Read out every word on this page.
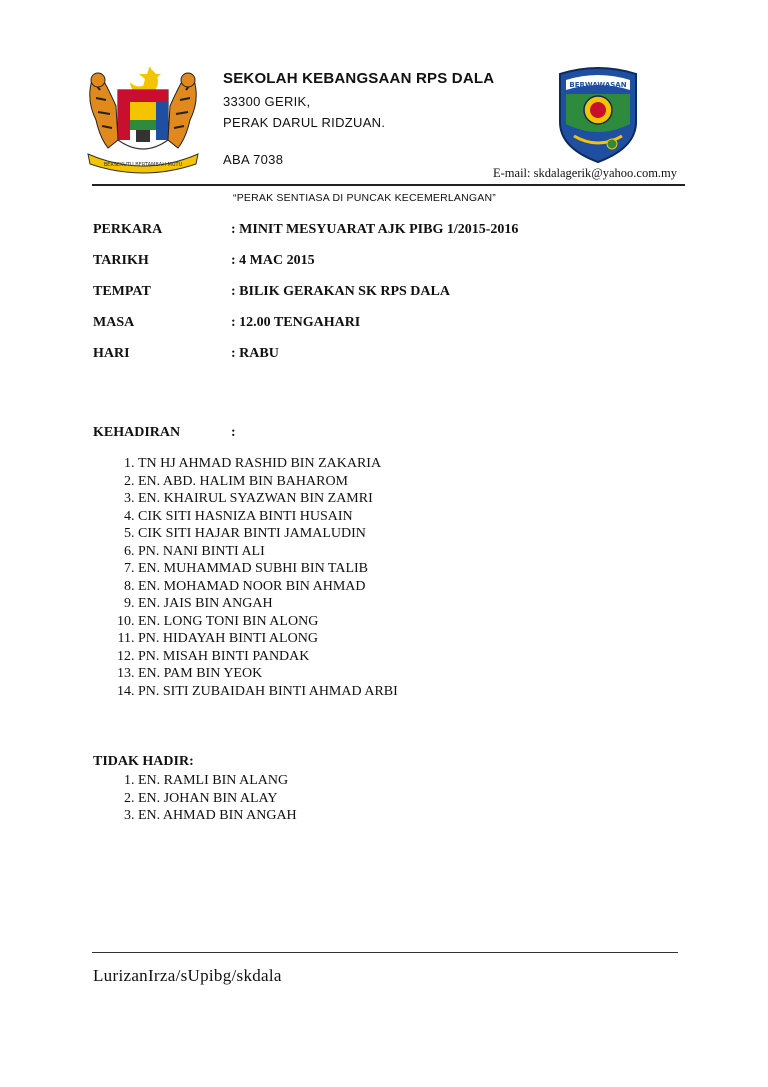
BERSEKUTU BERTAMBAH MUTU

SEKOLAH KEBANGSAAN RPS DALA

33300 GERIK,

PERAK DARUL RIDZUAN.

ABA 7038

BERWAWASAN
E-mail: skdalagerik@yahoo.com.my
“PERAK SENTIASA DI PUNCAK KECEMERLANGAN”
PERKARA	: MINIT MESYUARAT AJK PIBG 1/2015-2016
TARIKH	: 4 MAC 2015
TEMPAT	: BILIK GERAKAN SK RPS DALA
MASA	: 12.00 TENGAHARI
HARI	: RABU
KEHADIRAN	:
1. TN HJ AHMAD RASHID BIN ZAKARIA
2. EN. ABD. HALIM BIN BAHAROM
3. EN. KHAIRUL SYAZWAN BIN ZAMRI
4. CIK SITI HASNIZA BINTI HUSAIN
5. CIK SITI HAJAR BINTI JAMALUDIN
6. PN. NANI BINTI ALI
7. EN. MUHAMMAD SUBHI BIN TALIB
8. EN. MOHAMAD NOOR BIN AHMAD
9. EN. JAIS BIN ANGAH
10. EN. LONG TONI BIN ALONG
11. PN. HIDAYAH BINTI ALONG
12. PN. MISAH BINTI PANDAK
13. EN. PAM BIN YEOK
14. PN. SITI ZUBAIDAH BINTI AHMAD ARBI
TIDAK HADIR:
1. EN. RAMLI BIN ALANG
2. EN. JOHAN BIN ALAY
3. EN. AHMAD BIN ANGAH
LurizanIrza/sUpibg/skdala
